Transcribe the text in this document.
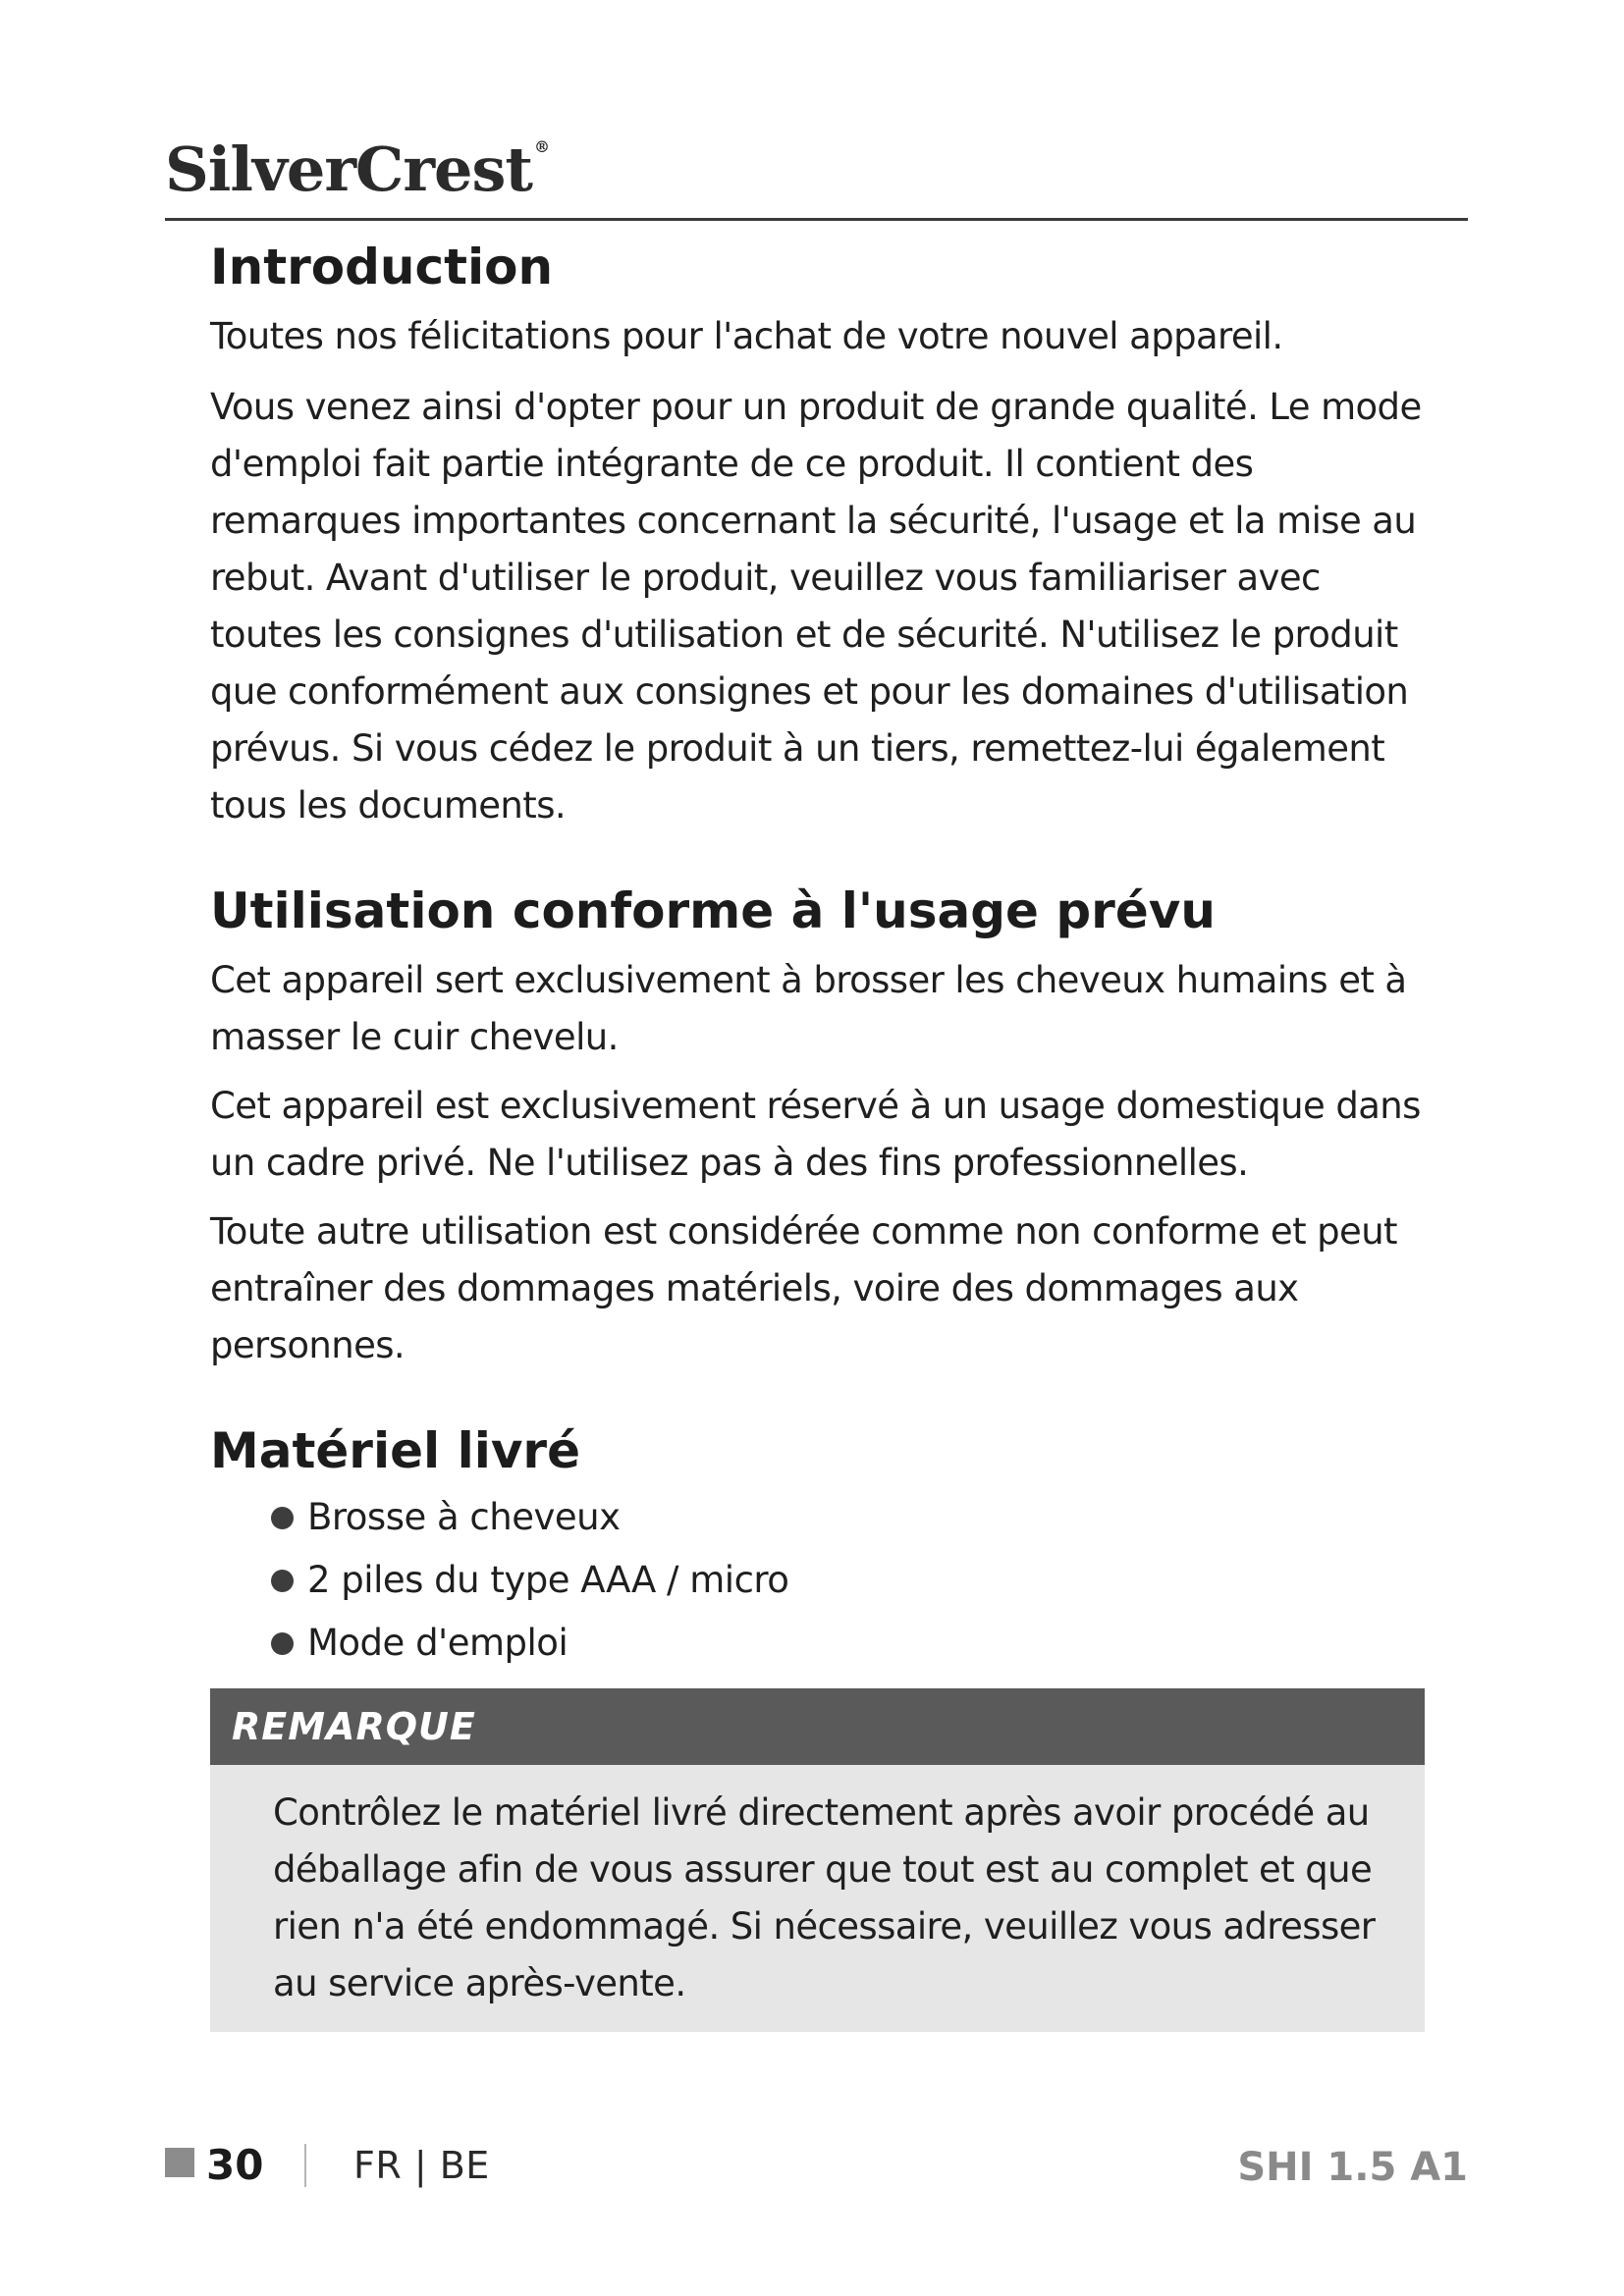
SilverCrest ®
Introduction

Toutes nos félicitations pour l'achat de votre nouvel appareil.

Vous venez ainsi d'opter pour un produit de grande qualité. Le mode d'emploi fait partie intégrante de ce produit. Il contient des remarques importantes concernant la sécurité, l'usage et la mise au rebut. Avant d'utiliser le produit, veuillez vous familiariser avec toutes les consignes d'utilisation et de sécurité. N'utilisez le produit que conformément aux consignes et pour les domaines d'utilisation prévus. Si vous cédez le produit à un tiers, remettez-lui également tous les documents.

Utilisation conforme à l'usage prévu

Cet appareil sert exclusivement à brosser les cheveux humains et à masser le cuir chevelu.

Cet appareil est exclusivement réservé à un usage domestique dans un cadre privé. Ne l'utilisez pas à des fins professionnelles.

Toute autre utilisation est considérée comme non conforme et peut entraîner des dommages matériels, voire des dommages aux personnes.

Matériel livré
Brosse à cheveux
2 piles du type AAA / micro
Mode d'emploi
REMARQUE

Contrôlez le matériel livré directement après avoir procédé au déballage afin de vous assurer que tout est au complet et que rien n'a été endommagé. Si nécessaire, veuillez vous adresser au service après-vente.

30 FR | BE	SHI 1.5 A1
